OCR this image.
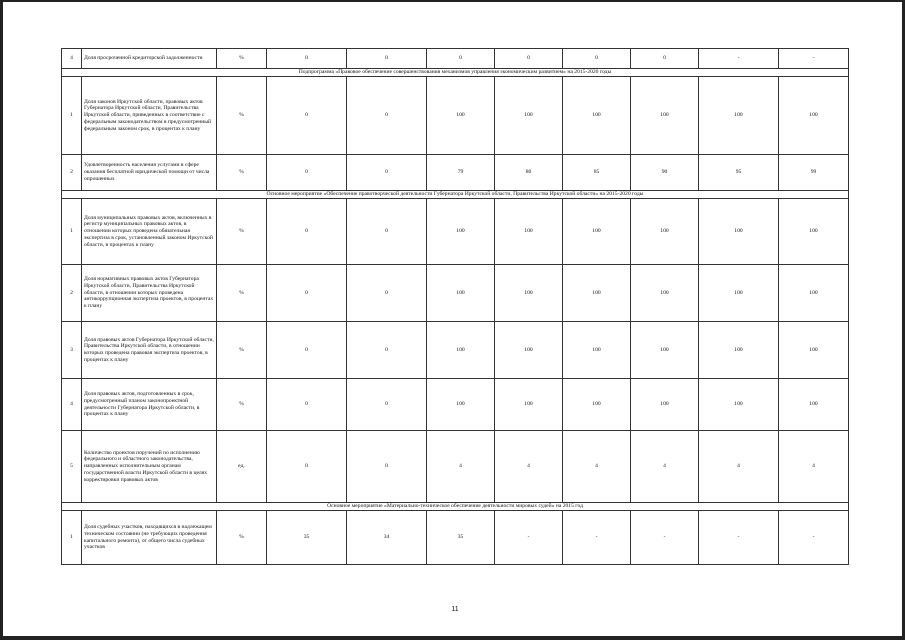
4	Доля просроченной кредиторской задолженности	%	0	0	0	0	0	0	-	-
Подпрограмма «Правовое обеспечение совершенствования механизмов управления экономическим развитием» на 2015-2020 годы										
1	Доля законов Иркутской области, правовых актов Губернатора Иркутской области, Правительства Иркутской области, приведенных в соответствие с федеральным законодательством в предусмотренный федеральным законом срок, в процентах к плану	%	0	0	100	100	100	100	100	100
2	Удовлетворенность населения услугами в сфере оказания бесплатной юридической помощи от числа опрошенных	%	0	0	79	80	85	90	95	99
Основное мероприятие «Обеспечение правотворческой деятельности Губернатора Иркутской области, Правительства Иркутской области» на 2015-2020 годы										
1	Доля муниципальных правовых актов, включенных в регистр муниципальных правовых актов, в отношении которых проведена обязательная экспертиза в срок, установленный законом Иркутской области, в процентах к плану	%	0	0	100	100	100	100	100	100
2	Доля нормативных правовых актов Губернатора Иркутской области, Правительства Иркутской области, в отношении которых проведена антикоррупционная экспертиза проектов, в процентах к плану	%	0	0	100	100	100	100	100	100
3	Доля правовых актов Губернатора Иркутской области, Правительства Иркутской области, в отношении которых проведена правовая экспертиза проектов, в процентах к плану	%	0	0	100	100	100	100	100	100
4	Доля правовых актов, подготовленных в срок, предусмотренный планом законопроектной деятельности Губернатора Иркутской области, в процентах к плану	%	0	0	100	100	100	100	100	100
5	Количество проектов поручений по исполнению федерального и областного законодательства, направленных исполнительным органам государственной власти Иркутской области в целях корректировки правовых актов	ед.	0	0	4	4	4	4	4	4
Основное мероприятие «Материально-техническое обеспечение деятельности мировых судей» на 2015 год										
1	Доля судебных участков, находящихся в надлежащем техническом состоянии (не требующих проведения капитального ремонта), от общего числа судебных участков	%	35	34	35	-	-	-	-	-
11
